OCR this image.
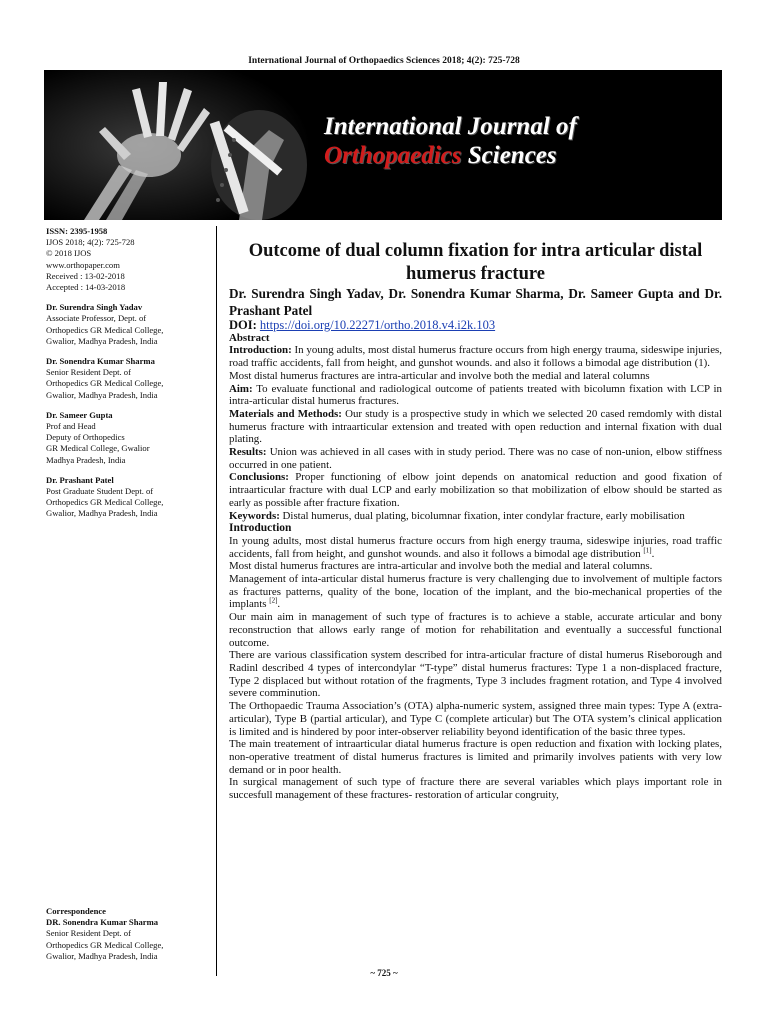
International Journal of Orthopaedics Sciences 2018; 4(2): 725-728
International Journal of
Orthopaedics Sciences

ISSN: 2395-1958

IJOS 2018; 4(2): 725-728

© 2018 IJOS

www.orthopaper.com

Received : 13-02-2018

Accepted : 14-03-2018

Dr. Surendra Singh Yadav

Associate Professor, Dept. of

Orthopedics GR Medical College,

Gwalior, Madhya Pradesh, India

Dr. Sonendra Kumar Sharma

Senior Resident Dept. of

Orthopedics GR Medical College,

Gwalior, Madhya Pradesh, India

Dr. Sameer Gupta

Prof and Head

Deputy of Orthopedics

GR Medical College, Gwalior

Madhya Pradesh, India

Dr. Prashant Patel

Post Graduate Student Dept. of

Orthopedics GR Medical College,

Gwalior, Madhya Pradesh, India

Correspondence

DR. Sonendra Kumar Sharma

Senior Resident Dept. of

Orthopedics GR Medical College,

Gwalior, Madhya Pradesh, India

Outcome of dual column fixation for intra articular distal humerus fracture

Dr. Surendra Singh Yadav, Dr. Sonendra Kumar Sharma, Dr. Sameer Gupta and Dr. Prashant Patel

DOI: https://doi.org/10.22271/ortho.2018.v4.i2k.103

Abstract

Introduction: In young adults, most distal humerus fracture occurs from high energy trauma, sideswipe injuries, road traffic accidents, fall from height, and gunshot wounds. and also it follows a bimodal age distribution (1).

Most distal humerus fractures are intra-articular and involve both the medial and lateral columns

Aim: To evaluate functional and radiological outcome of patients treated with bicolumn fixation with LCP in intra-articular distal humerus fractures.

Materials and Methods: Our study is a prospective study in which we selected 20 cased remdomly with distal humerus fracture with intraarticular extension and treated with open reduction and internal fixation with dual plating.

Results: Union was achieved in all cases with in study period. There was no case of non-union, elbow stiffness occurred in one patient.

Conclusions: Proper functioning of elbow joint depends on anatomical reduction and good fixation of intraarticular fracture with dual LCP and early mobilization so that mobilization of elbow should be started as early as possible after fracture fixation.

Keywords: Distal humerus, dual plating, bicolumnar fixation, inter condylar fracture, early mobilisation

Introduction

In young adults, most distal humerus fracture occurs from high energy trauma, sideswipe injuries, road traffic accidents, fall from height, and gunshot wounds. and also it follows a bimodal age distribution [1].

Most distal humerus fractures are intra-articular and involve both the medial and lateral columns.

Management of inta-articular distal humerus fracture is very challenging due to involvement of multiple factors as fractures patterns, quality of the bone, location of the implant, and the bio-mechanical properties of the implants [2].

Our main aim in management of such type of fractures is to achieve a stable, accurate articular and bony reconstruction that allows early range of motion for rehabilitation and eventually a successful functional outcome.

There are various classification system described for intra-articular fracture of distal humerus Riseborough and Radinl described 4 types of intercondylar “T-type” distal humerus fractures: Type 1 a non-displaced fracture, Type 2 displaced but without rotation of the fragments, Type 3 includes fragment rotation, and Type 4 involved severe comminution.

The Orthopaedic Trauma Association’s (OTA) alpha-numeric system, assigned three main types: Type A (extra-articular), Type B (partial articular), and Type C (complete articular) but The OTA system’s clinical application is limited and is hindered by poor inter-observer reliability beyond identification of the basic three types.

The main treatement of intraarticular diatal humerus fracture is open reduction and fixation with locking plates, non-operative treatment of distal humerus fractures is limited and primarily involves patients with very low demand or in poor health.

In surgical management of such type of fracture there are several variables which plays important role in succesfull management of these fractures- restoration of articular congruity,

~ 725 ~
